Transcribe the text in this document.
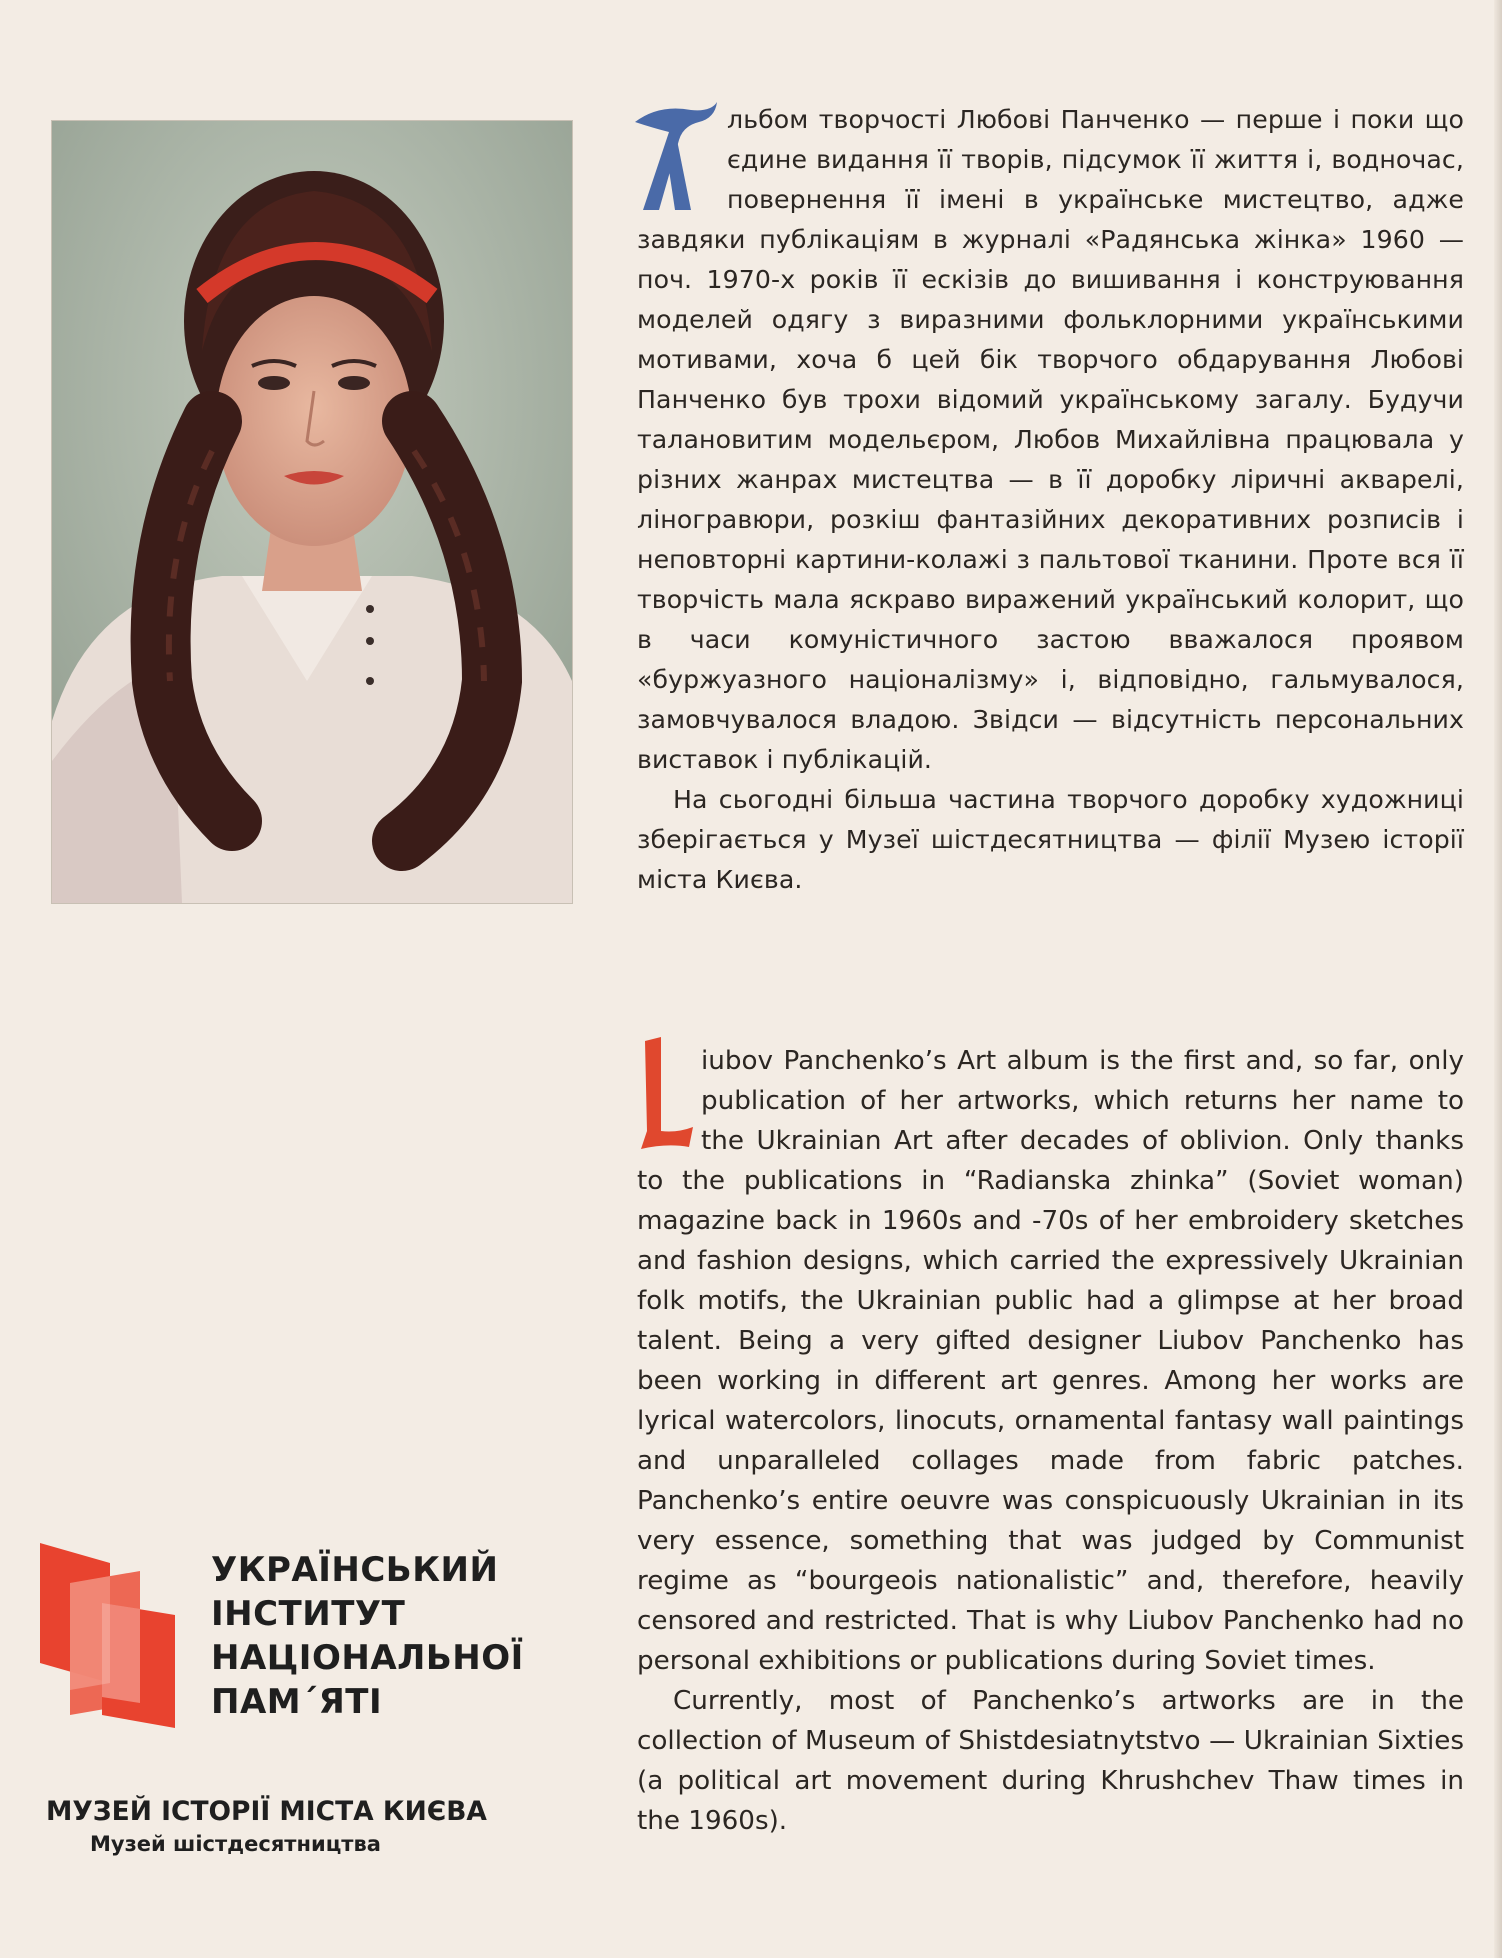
А

льбом творчості Любові Панченко — перше і поки що єдине видання її творів, підсумок її життя і, водночас, повернення її імені в українське мистецтво, адже завдяки публікаціям в журналі «Радянська жінка» 1960 — поч. 1970-х років її ескізів до вишивання і конструювання моделей одягу з виразними фольклорними українськими мотивами, хоча б цей бік творчого обдарування Любові Панченко був трохи відомий українському загалу. Будучи талановитим модельєром, Любов Михайлівна працювала у різних жанрах мистецтва — в її доробку ліричні акварелі, ліногравюри, розкіш фантазійних декоративних розписів і неповторні картини-колажі з пальтової тканини. Проте вся її творчість мала яскраво виражений український колорит, що в часи комуністичного застою вважалося проявом «буржуазного націоналізму» і, відповідно, гальмувалося, замовчувалося владою. Звідси — відсутність персональних виставок і публікацій.

На сьогодні більша частина творчого доробку художниці зберігається у Музеї шістдесятництва — філії Музею історії міста Києва.

L

iubov Panchenko’s Art album is the first and, so far, only publication of her artworks, which returns her name to the Ukrainian Art after decades of oblivion. Only thanks to the publications in “Radianska zhinka” (Soviet woman) magazine back in 1960s and -70s of her embroidery sketches and fashion designs, which carried the expressively Ukrainian folk motifs, the Ukrainian public had a glimpse at her broad talent. Being a very gifted designer Liubov Panchenko has been working in different art genres. Among her works are lyrical watercolors, linocuts, ornamental fantasy wall paintings and unparalleled collages made from fabric patches. Panchenko’s entire oeuvre was conspicuously Ukrainian in its very essence, something that was judged by Communist regime as “bourgeois nationalistic” and, therefore, heavily censored and restricted. That is why Liubov Panchenko had no personal exhibitions or publications during Soviet times.

Currently, most of Panchenko’s artworks are in the collection of Museum of Shistdesiatnytstvo — Ukrainian Sixties (a political art movement during Khrushchev Thaw times in the 1960s).

УКРАЇНСЬКИЙ
ІНСТИТУТ
НАЦІОНАЛЬНОЇ
ПАМ´ЯТІ
МУЗЕЙ ІСТОРІЇ МІСТА КИЄВА
Музей шістдесятництва
